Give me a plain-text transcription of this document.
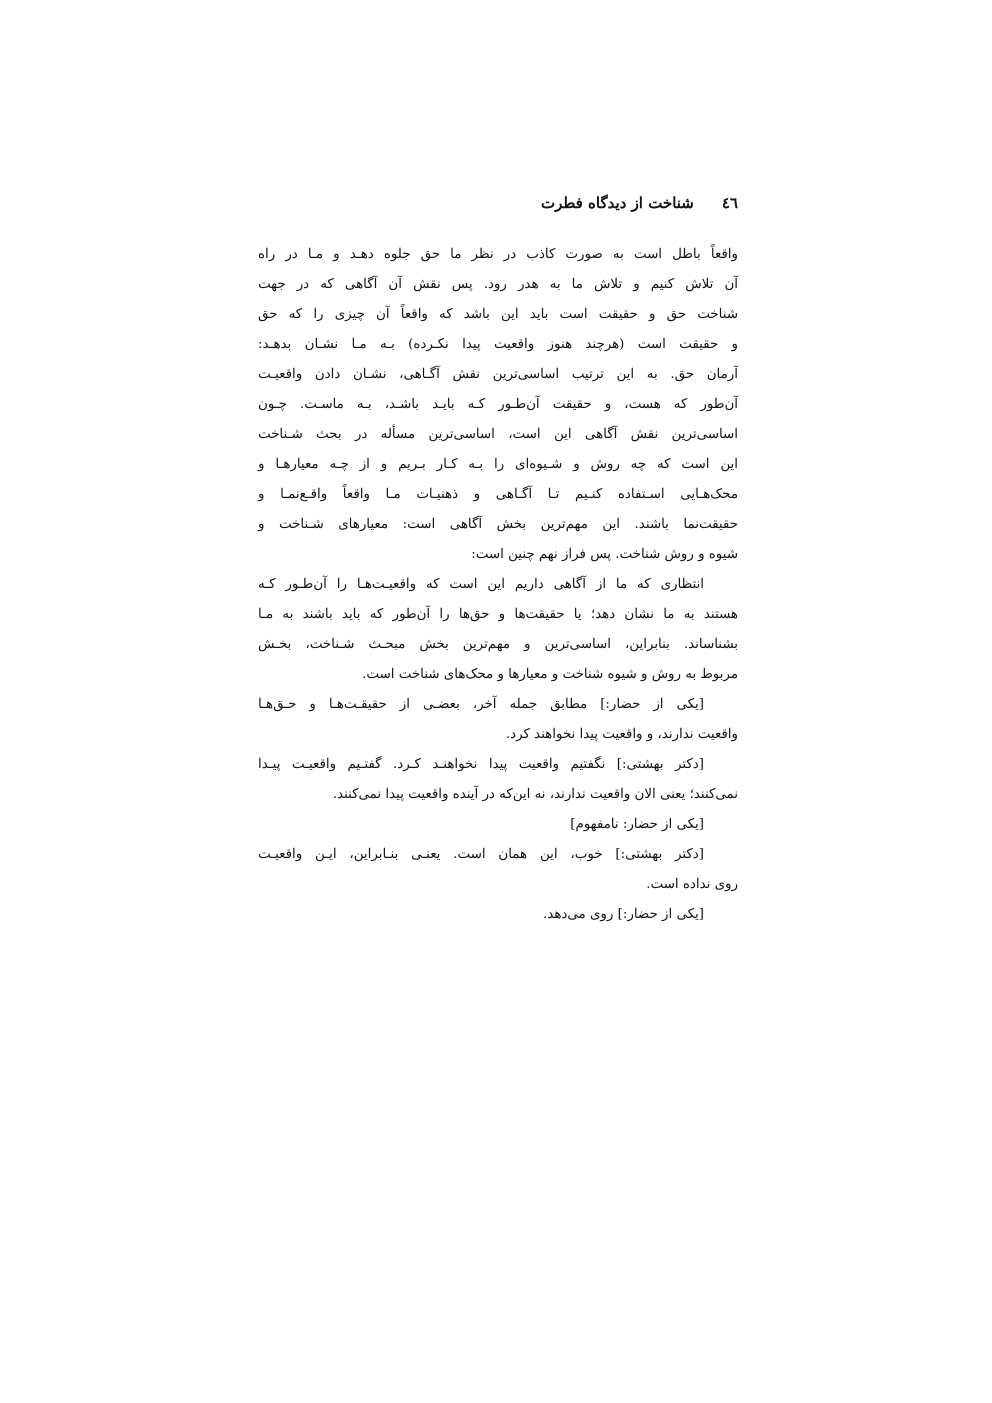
٤٦
شناخت از دیدگاه فطرت
واقعاً باطل است به صورت کاذب در نظر ما حق جلوه دهـد و مـا در راه
آن تلاش کنیم و تلاش ما به هدر رود. پس نقش آن آگاهی که در جهت
شناخت حق و حقیقت است باید این باشد که واقعاً آن چیزی را که حق
و حقیقت است (هرچند هنوز واقعیت پیدا نکـرده) بـه مـا نشـان بدهـد:
آرمان حق. به این ترتیب اساسی‌ترین نقش آگـاهی، نشـان دادن واقعیـت
آن‌طور که هست، و حقیقت آن‌طـور کـه بایـد باشـد، بـه ماسـت. چـون
اساسی‌ترین نقش آگاهی این است، اساسی‌ترین مسأله در بحث شـناخت
این است که چه روش و شـیوه‌ای را بـه کـار بـریم و از چـه معیارهـا و
محک‌هـایی اسـتفاده کنـیم تـا آگـاهی و ذهنیـات مـا واقعاً واقـع‌نمـا و
حقیقت‌نما باشند. این مهم‌ترین بخش آگاهی است: معیارهای شـناخت و
شیوه و روش شناخت. پس فراز نهم چنین است:
انتظاری که ما از آگاهی داریم این است که واقعیـت‌هـا را آن‌طـور کـه
هستند به ما نشان دهد؛ یا حقیقت‌ها و حق‌ها را آن‌طور که باید باشند به مـا
بشناساند. بنابراین، اساسی‌ترین و مهم‌ترین بخش مبحـث شـناخت، بخـش
مربوط به روش و شیوه شناخت و معیارها و محک‌های شناخت است.
[یکی از حضار:] مطابق جمله آخر، بعضـی از حقیقـت‌هـا و حـق‌هـا
واقعیت ندارند، و واقعیت پیدا نخواهند کرد.
[دکتر بهشتی:] نگفتیم واقعیت پیدا نخواهنـد کـرد. گفتـیم واقعیـت پیـدا
نمی‌کنند؛ یعنی الان واقعیت ندارند، نه این‌که در آینده واقعیت پیدا نمی‌کنند.
[یکی از حضار: نامفهوم]
[دکتر بهشتی:] خوب، این همان است. یعنـی بنـابراین، ایـن واقعیـت
روی نداده است.
[یکی از حضار:] روی می‌دهد.
